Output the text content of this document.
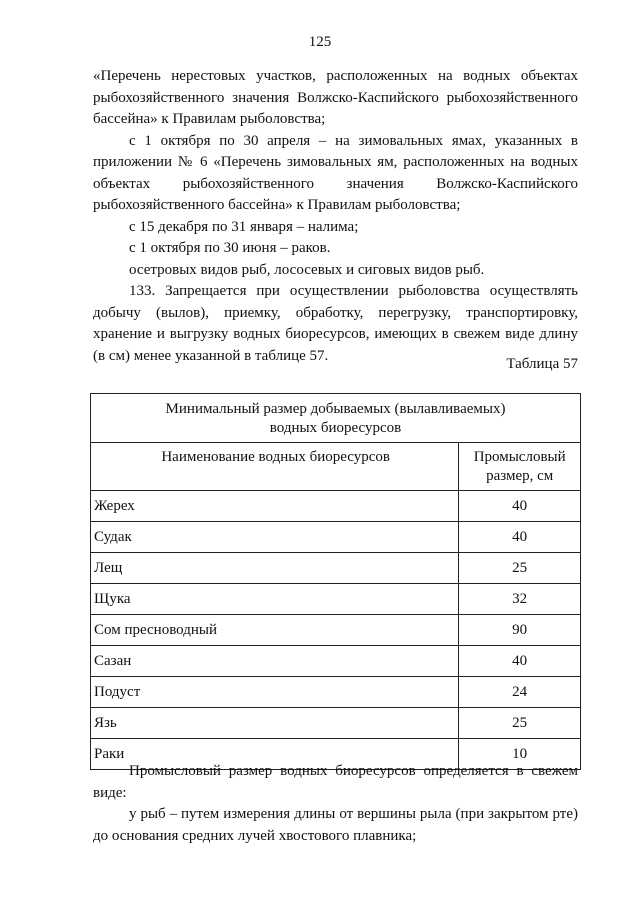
125

«Перечень нерестовых участков, расположенных на водных объектах рыбохозяйственного значения Волжско-Каспийского рыбохозяйственного бассейна» к Правилам рыболовства;

с 1 октября по 30 апреля – на зимовальных ямах, указанных в приложении № 6 «Перечень зимовальных ям, расположенных на водных объектах рыбохозяйственного значения Волжско-Каспийского рыбохозяйственного бассейна» к Правилам рыболовства;

с 15 декабря по 31 января – налима;

с 1 октября по 30 июня – раков.

осетровых видов рыб, лососевых и сиговых видов рыб.

133. Запрещается при осуществлении рыболовства осуществлять добычу (вылов), приемку, обработку, перегрузку, транспортировку, хранение и выгрузку водных биоресурсов, имеющих в свежем виде длину (в см) менее указанной в таблице 57.

Таблица 57
Минимальный размер добываемых (вылавливаемых)
водных биоресурсов	
Наименование водных биоресурсов	Промысловый
размер, см
Жерех	40
Судак	40
Лещ	25
Щука	32
Сом пресноводный	90
Сазан	40
Подуст	24
Язь	25
Раки	10

Промысловый размер водных биоресурсов определяется в свежем виде:

у рыб – путем измерения длины от вершины рыла (при закрытом рте) до основания средних лучей хвостового плавника;
